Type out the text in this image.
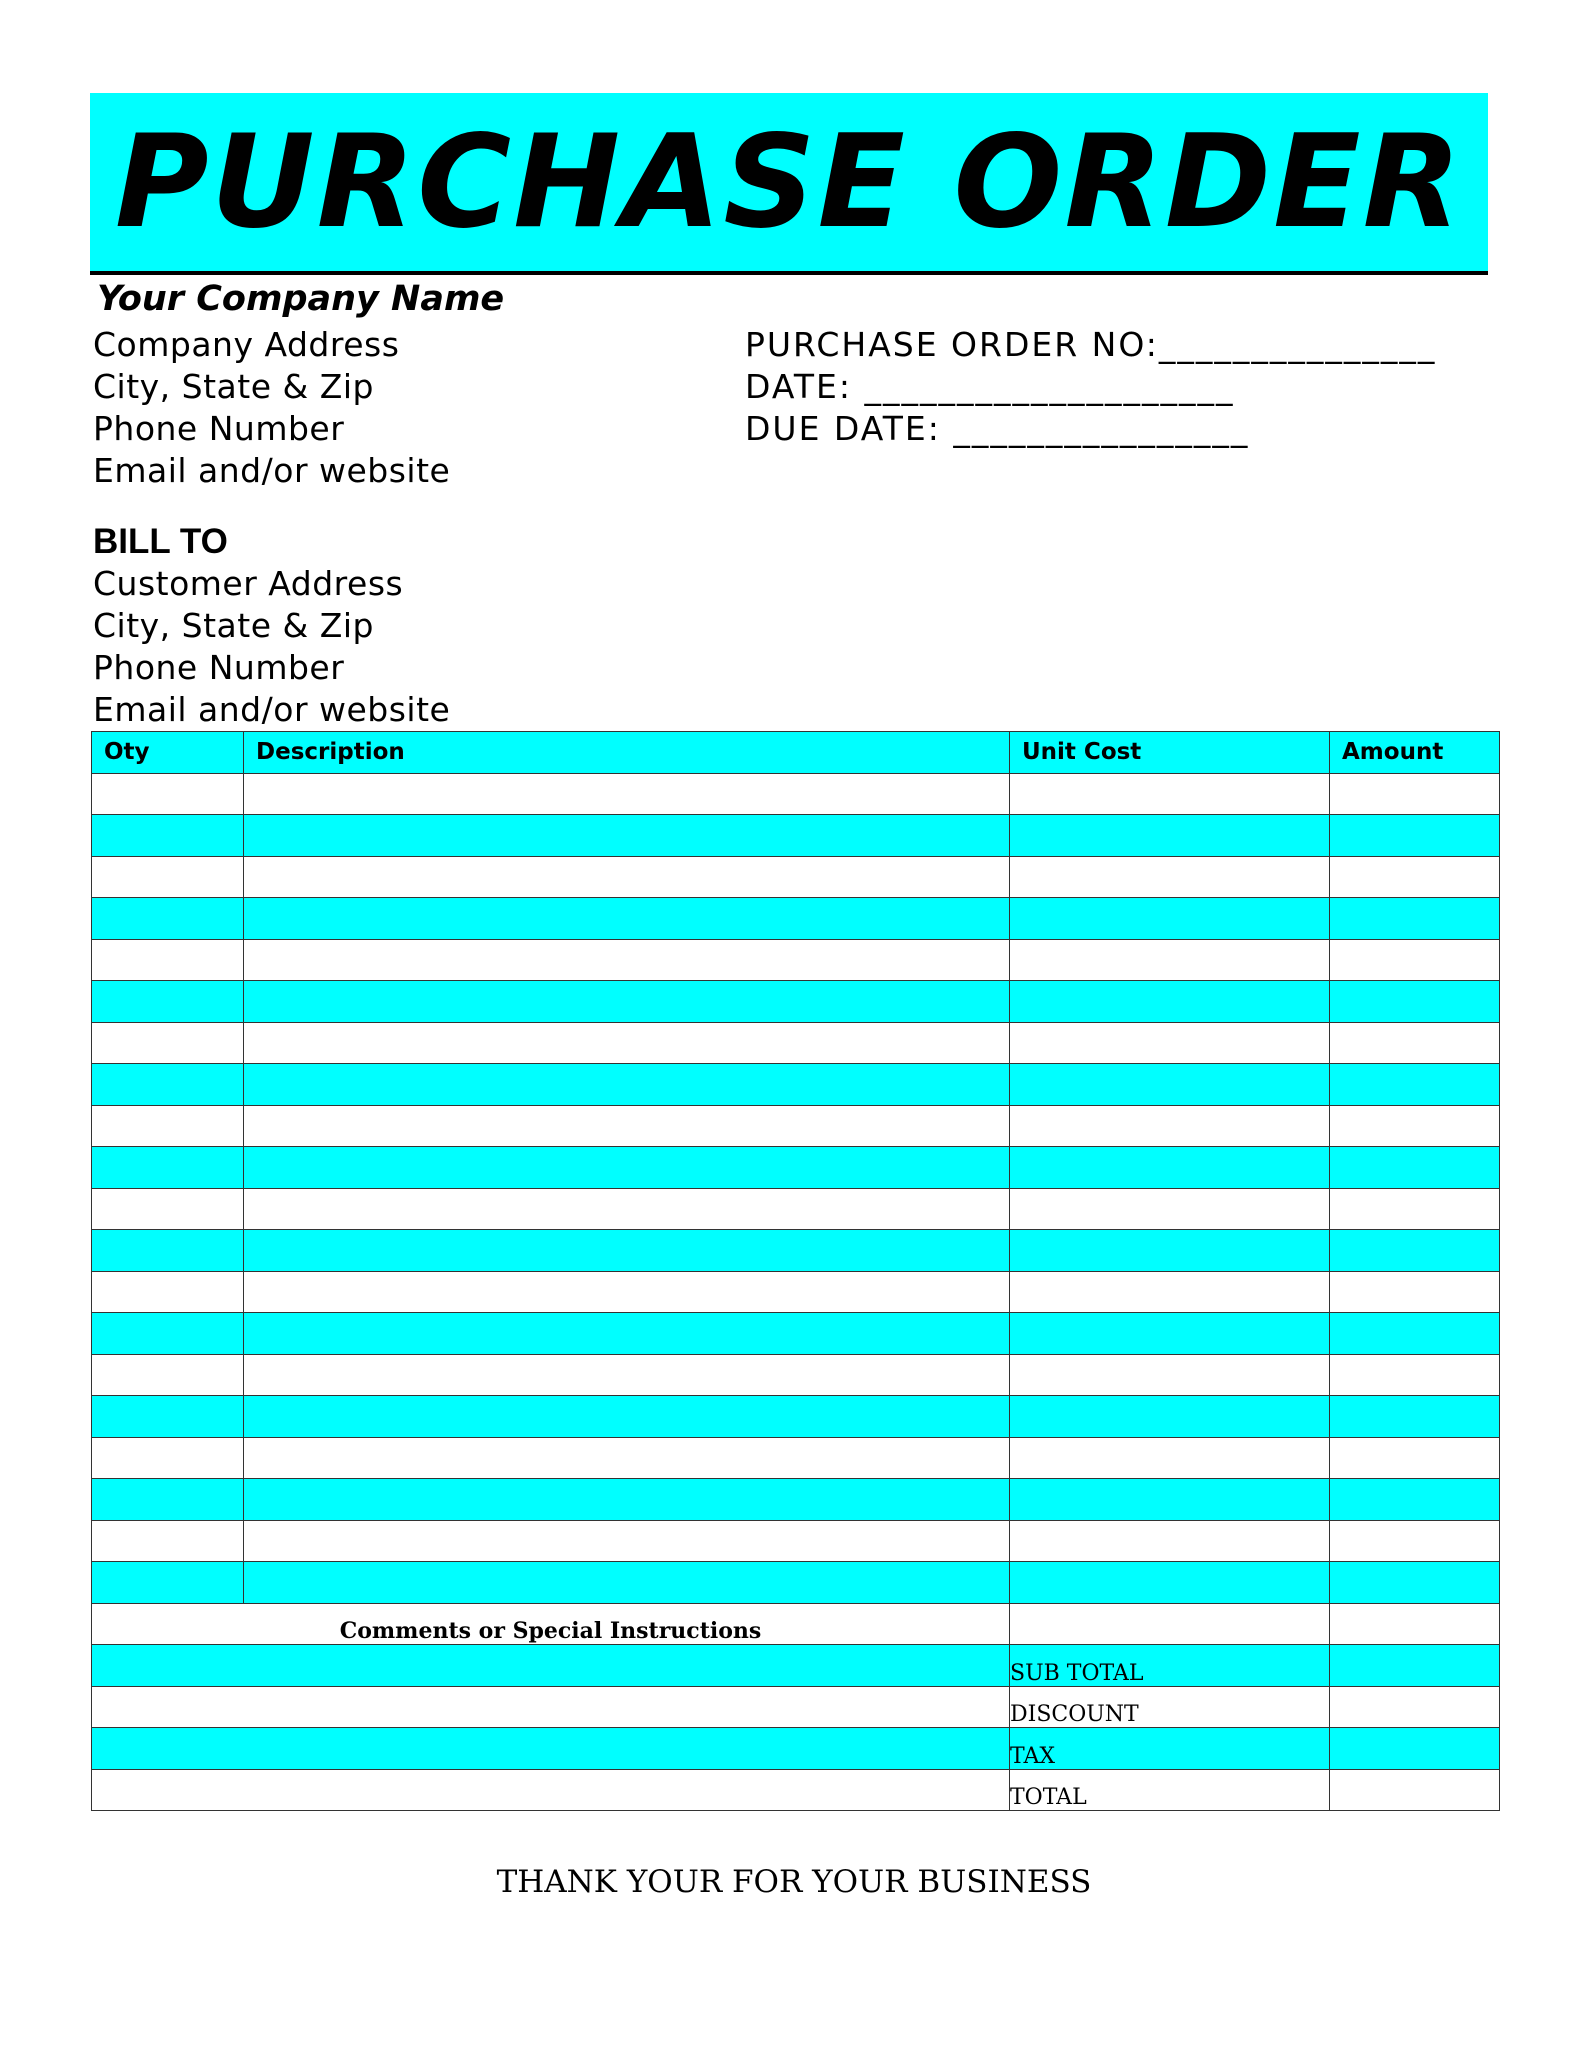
PURCHASE ORDER
Your Company Name
Company Address
City, State & Zip
Phone Number
Email and/or website
PURCHASE ORDER NO:_______________
DATE: ____________________
DUE DATE: ________________
BILL TO
Customer Address
City, State & Zip
Phone Number
Email and/or website
Oty	Description	Unit Cost	Amount

Comments or Special Instructions			
		SUB TOTAL	
		DISCOUNT	
		TAX	
		TOTAL	
THANK YOUR FOR YOUR BUSINESS
